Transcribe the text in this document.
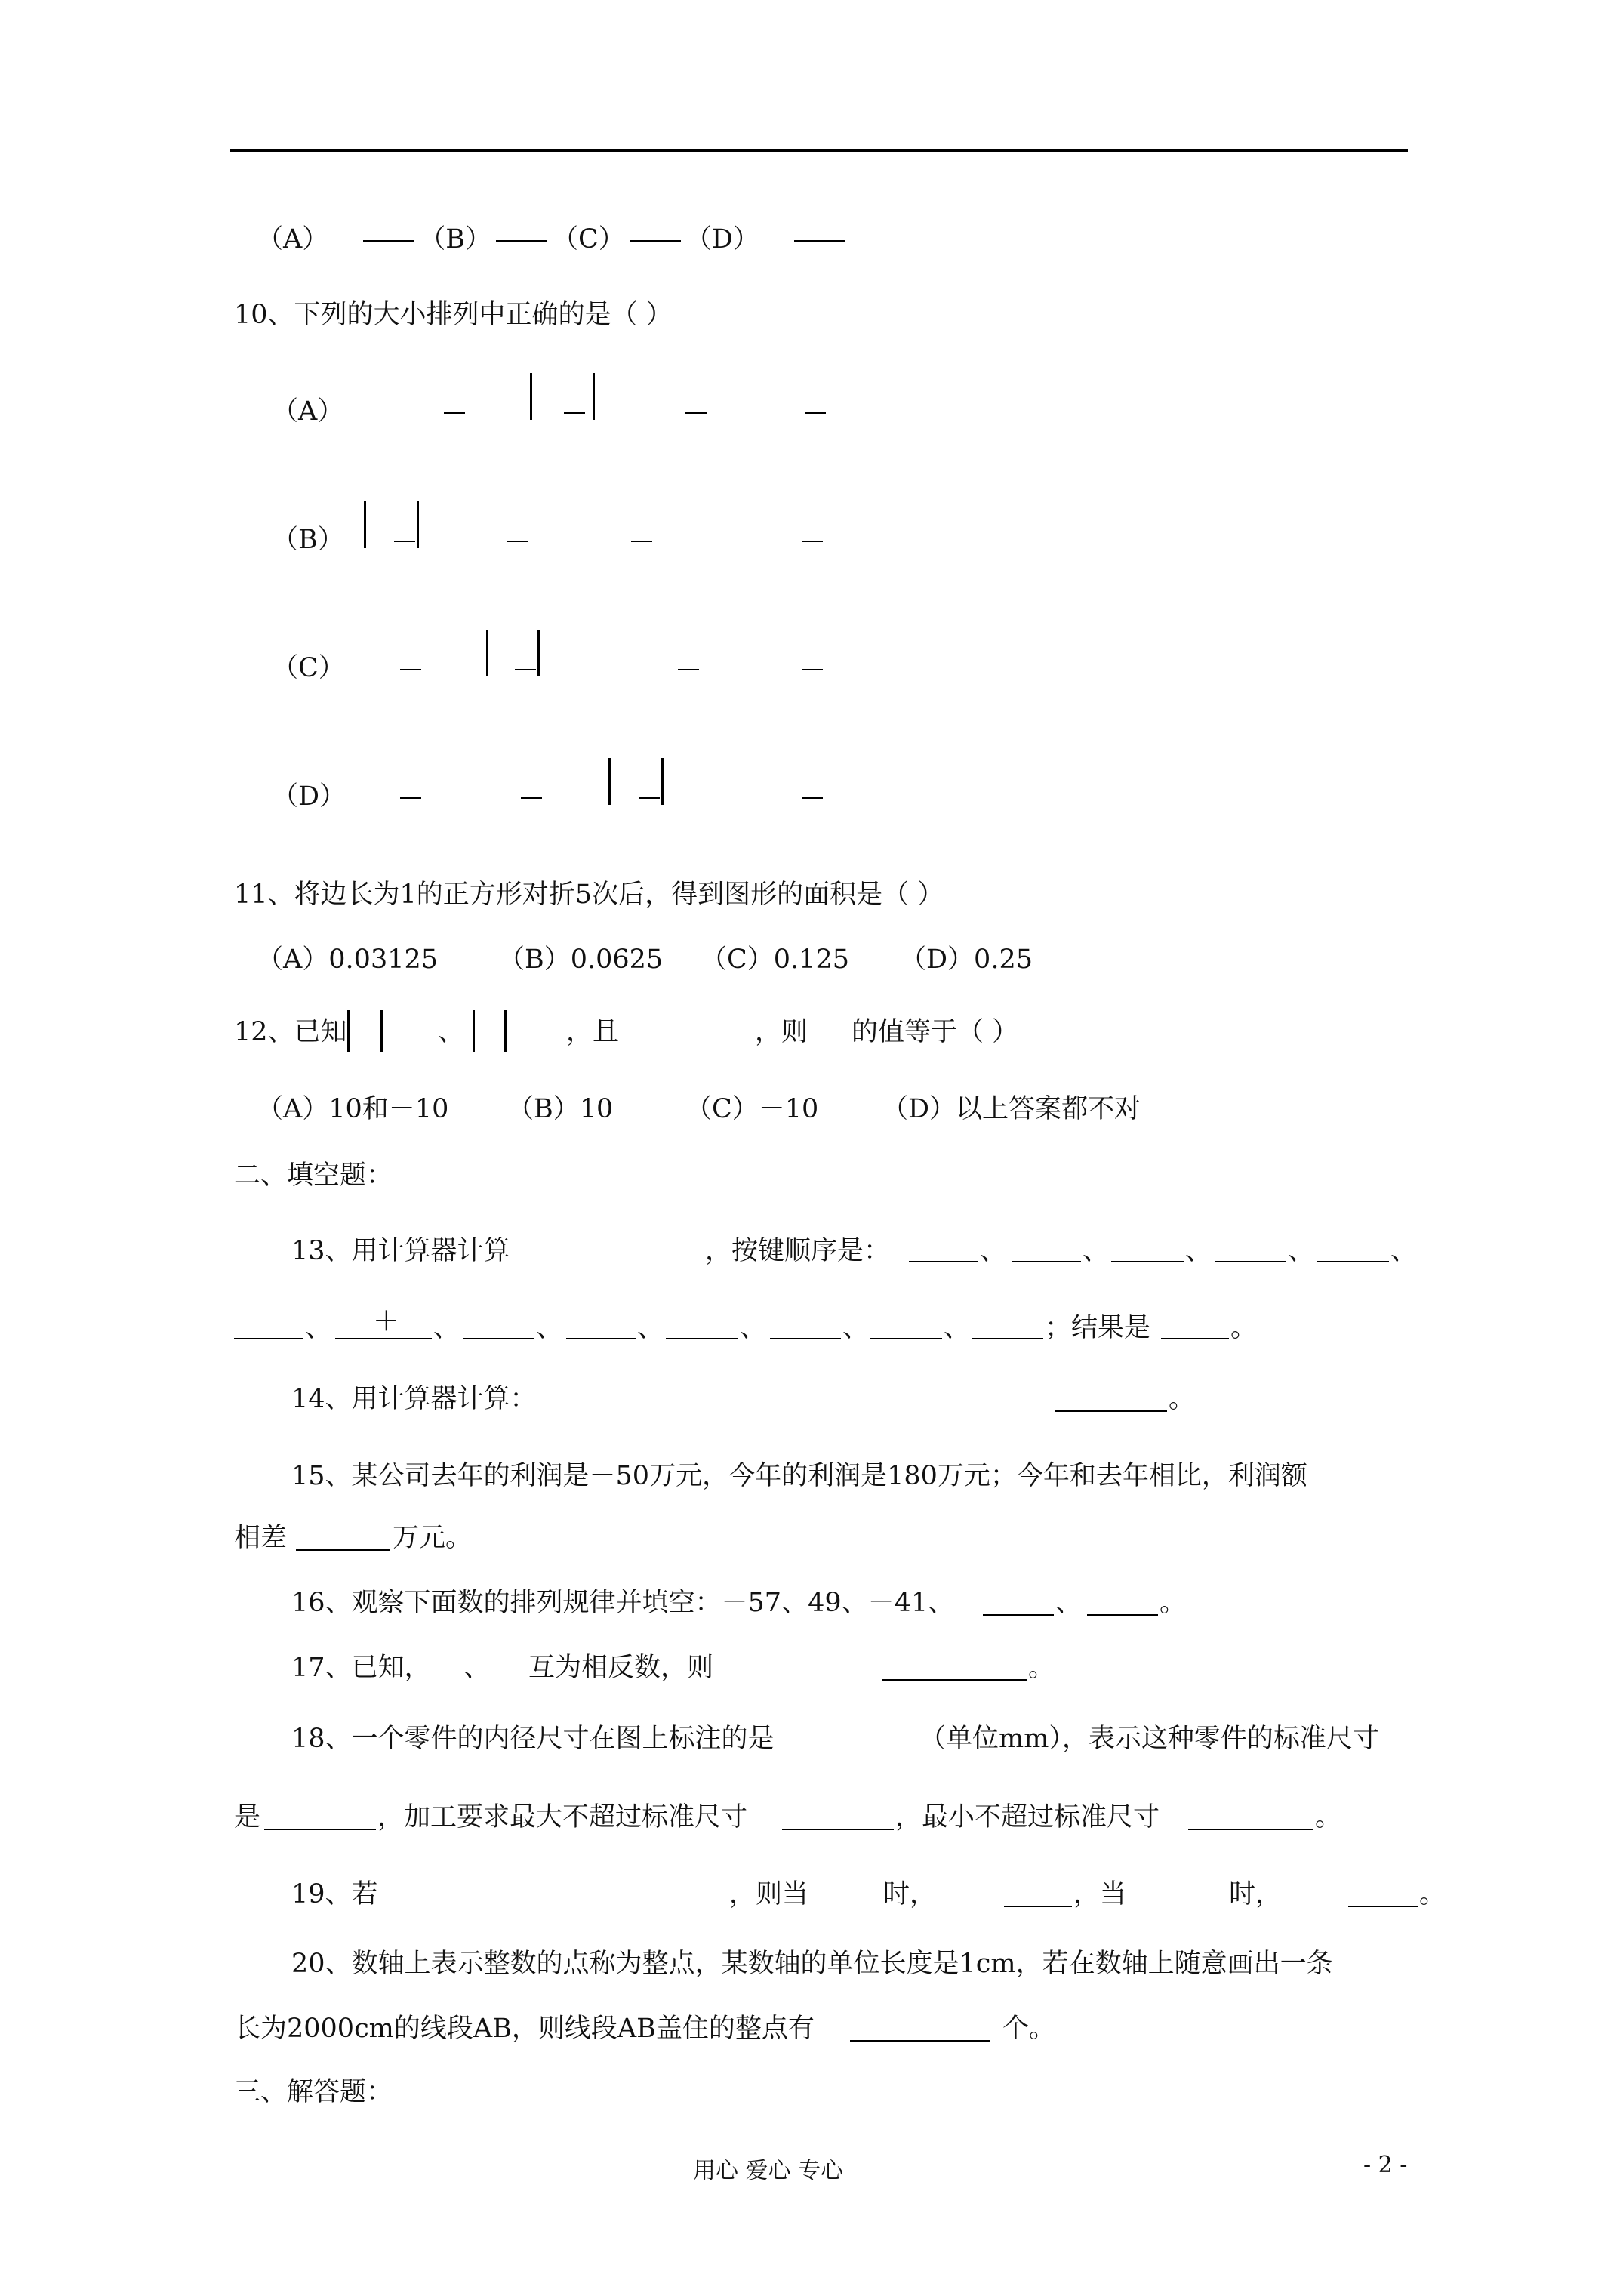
（A）	（B） （C） （D）
10、下列的大小排列中正确的是（ ）
（A）
（B）
（C）
（D）
11、将边长为1的正方形对折5次后，得到图形的面积是（ ）
（A）0.03125 （B）0.0625 （C）0.125 （D）0.25
12、已知	、	，且	，则 的值等于（ ）
（A）10和－10 （B）10	（C）－10 （D）以上答案都不对
二、填空题：
13、用计算器计算	，按键顺序是：	、	、	、	、	、
、 ＋ 、	、	、	、	、	、	；结果是	。
14、用计算器计算：	。
15、某公司去年的利润是－50万元，今年的利润是180万元；今年和去年相比，利润额
相差	万元。
16、观察下面数的排列规律并填空：－57、49、－41、	、	。
17、已知， 、 互为相反数，则	。
18、一个零件的内径尺寸在图上标注的是	（单位mm），表示这种零件的标准尺寸
是	，加工要求最大不超过标准尺寸	，最小不超过标准尺寸	。
19、若	，则当	时，	，当	时，	。
20、数轴上表示整数的点称为整点，某数轴的单位长度是1cm，若在数轴上随意画出一条
长为2000cm的线段AB，则线段AB盖住的整点有	个。
三、解答题：
用心 爱心 专心	- 2 -
